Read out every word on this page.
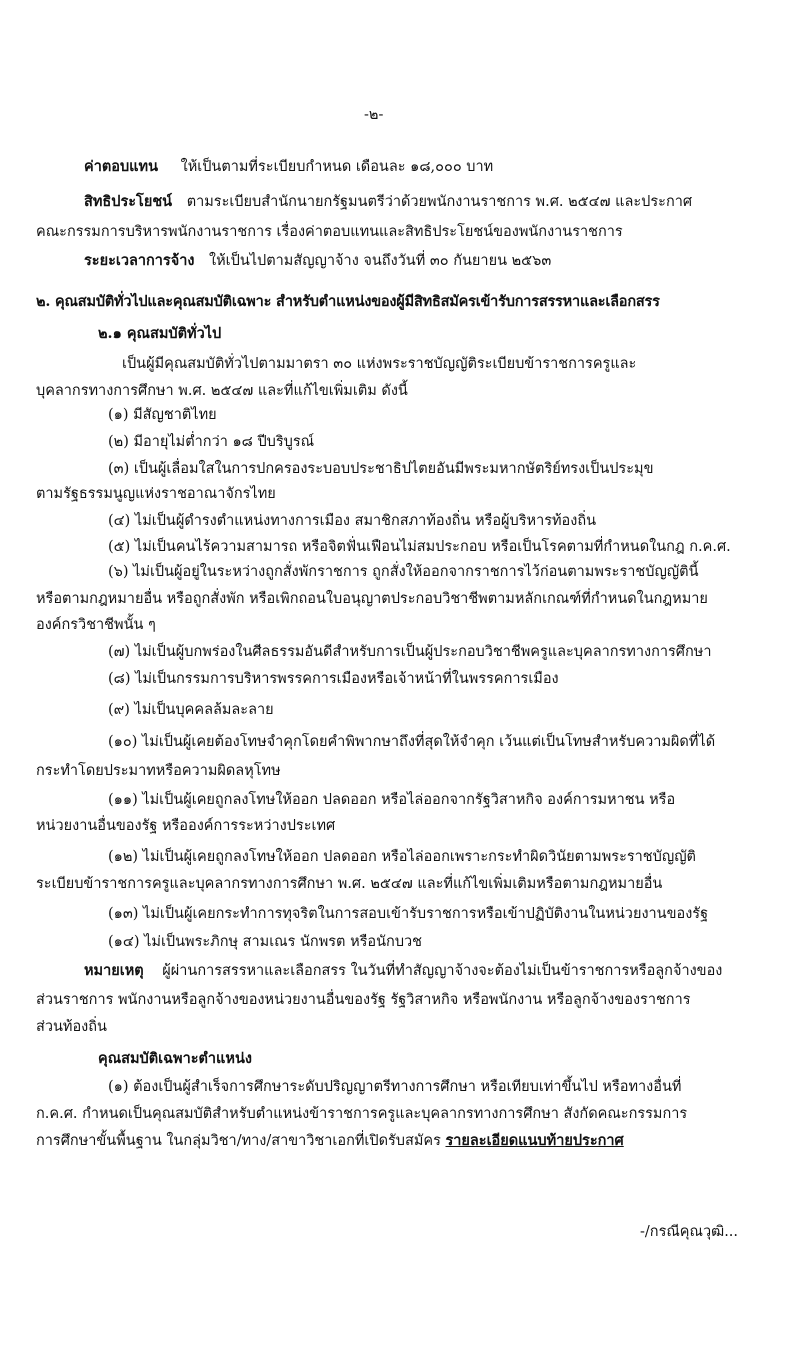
-๒-
ค่าตอบแทน ให้เป็นตามที่ระเบียบกำหนด เดือนละ ๑๘,๐๐๐ บาท
สิทธิประโยชน์ ตามระเบียบสำนักนายกรัฐมนตรีว่าด้วยพนักงานราชการ พ.ศ. ๒๕๔๗ และประกาศ
คณะกรรมการบริหารพนักงานราชการ เรื่องค่าตอบแทนและสิทธิประโยชน์ของพนักงานราชการ
ระยะเวลาการจ้าง ให้เป็นไปตามสัญญาจ้าง จนถึงวันที่ ๓๐ กันยายน ๒๕๖๓
๒. คุณสมบัติทั่วไปและคุณสมบัติเฉพาะ สำหรับตำแหน่งของผู้มีสิทธิสมัครเข้ารับการสรรหาและเลือกสรร
๒.๑ คุณสมบัติทั่วไป
เป็นผู้มีคุณสมบัติทั่วไปตามมาตรา ๓๐ แห่งพระราชบัญญัติระเบียบข้าราชการครูและ
บุคลากรทางการศึกษา พ.ศ. ๒๕๔๗ และที่แก้ไขเพิ่มเติม ดังนี้
(๑) มีสัญชาติไทย
(๒) มีอายุไม่ต่ำกว่า ๑๘ ปีบริบูรณ์
(๓) เป็นผู้เลื่อมใสในการปกครองระบอบประชาธิปไตยอันมีพระมหากษัตริย์ทรงเป็นประมุข
ตามรัฐธรรมนูญแห่งราชอาณาจักรไทย
(๔) ไม่เป็นผู้ดำรงตำแหน่งทางการเมือง สมาชิกสภาท้องถิ่น หรือผู้บริหารท้องถิ่น
(๕) ไม่เป็นคนไร้ความสามารถ หรือจิตฟั่นเฟือนไม่สมประกอบ หรือเป็นโรคตามที่กำหนดในกฎ ก.ค.ศ.
(๖) ไม่เป็นผู้อยู่ในระหว่างถูกสั่งพักราชการ ถูกสั่งให้ออกจากราชการไว้ก่อนตามพระราชบัญญัตินี้
หรือตามกฎหมายอื่น หรือถูกสั่งพัก หรือเพิกถอนใบอนุญาตประกอบวิชาชีพตามหลักเกณฑ์ที่กำหนดในกฎหมาย
องค์กรวิชาชีพนั้น ๆ
(๗) ไม่เป็นผู้บกพร่องในศีลธรรมอันดีสำหรับการเป็นผู้ประกอบวิชาชีพครูและบุคลากรทางการศึกษา
(๘) ไม่เป็นกรรมการบริหารพรรคการเมืองหรือเจ้าหน้าที่ในพรรคการเมือง
(๙) ไม่เป็นบุคคลล้มละลาย
(๑๐) ไม่เป็นผู้เคยต้องโทษจำคุกโดยคำพิพากษาถึงที่สุดให้จำคุก เว้นแต่เป็นโทษสำหรับความผิดที่ได้
กระทำโดยประมาทหรือความผิดลหุโทษ
(๑๑) ไม่เป็นผู้เคยถูกลงโทษให้ออก ปลดออก หรือไล่ออกจากรัฐวิสาหกิจ องค์การมหาชน หรือ
หน่วยงานอื่นของรัฐ หรือองค์การระหว่างประเทศ
(๑๒) ไม่เป็นผู้เคยถูกลงโทษให้ออก ปลดออก หรือไล่ออกเพราะกระทำผิดวินัยตามพระราชบัญญัติ
ระเบียบข้าราชการครูและบุคลากรทางการศึกษา พ.ศ. ๒๕๔๗ และที่แก้ไขเพิ่มเติมหรือตามกฎหมายอื่น
(๑๓) ไม่เป็นผู้เคยกระทำการทุจริตในการสอบเข้ารับราชการหรือเข้าปฏิบัติงานในหน่วยงานของรัฐ
(๑๔) ไม่เป็นพระภิกษุ สามเณร นักพรต หรือนักบวช
หมายเหตุ ผู้ผ่านการสรรหาและเลือกสรร ในวันที่ทำสัญญาจ้างจะต้องไม่เป็นข้าราชการหรือลูกจ้างของ
ส่วนราชการ พนักงานหรือลูกจ้างของหน่วยงานอื่นของรัฐ รัฐวิสาหกิจ หรือพนักงาน หรือลูกจ้างของราชการ
ส่วนท้องถิ่น
คุณสมบัติเฉพาะตำแหน่ง
(๑) ต้องเป็นผู้สำเร็จการศึกษาระดับปริญญาตรีทางการศึกษา หรือเทียบเท่าขึ้นไป หรือทางอื่นที่
ก.ค.ศ. กำหนดเป็นคุณสมบัติสำหรับตำแหน่งข้าราชการครูและบุคลากรทางการศึกษา สังกัดคณะกรรมการ
การศึกษาขั้นพื้นฐาน ในกลุ่มวิชา/ทาง/สาขาวิชาเอกที่เปิดรับสมัคร รายละเอียดแนบท้ายประกาศ
-/กรณีคุณวุฒิ...
